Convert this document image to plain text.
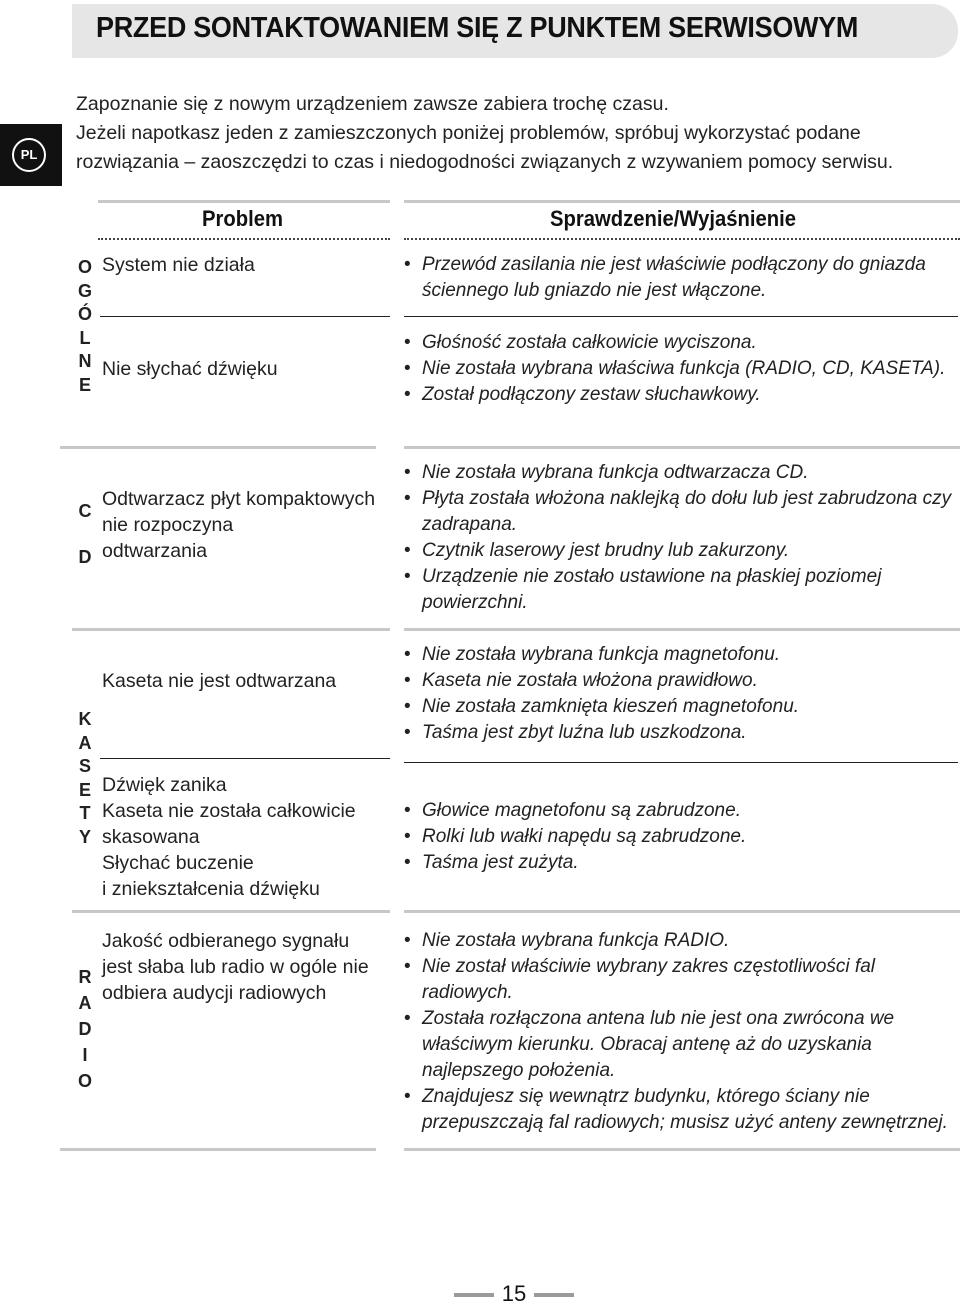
PRZED SONTAKTOWANIEM SIĘ Z PUNKTEM SERWISOWYM
PL

Zapoznanie się z nowym urządzeniem zawsze zabiera trochę czasu.

Jeżeli napotkasz jeden z zamieszczonych poniżej problemów, spróbuj wykorzystać podane

rozwiązania – zaoszczędzi to czas i niedogodności związanych z wzywaniem pomocy serwisu.

Problem	Sprawdzenie/Wyjaśnienie
O
G
Ó
L
N
E
System nie działa
•	Przewód zasilania nie jest właściwie podłączony do gniazda ściennego lub gniazdo nie jest włączone.
Nie słychać dźwięku
• Głośność została całkowicie wyciszona.
• Nie została wybrana właściwa funkcja (RADIO, CD, KASETA).
• Został podłączony zestaw słuchawkowy.
C
D
Odtwarzacz płyt kompaktowych
nie rozpoczyna
odtwarzania
• Nie została wybrana funkcja odtwarzacza CD.
• Płyta została włożona naklejką do dołu lub jest zabrudzona czy zadrapana.
• Czytnik laserowy jest brudny lub zakurzony.
• Urządzenie nie zostało ustawione na płaskiej poziomej powierzchni.
K
A
S
E
T
Y
Kaseta nie jest odtwarzana
• Nie została wybrana funkcja magnetofonu.
• Kaseta nie została włożona prawidłowo.
• Nie została zamknięta kieszeń magnetofonu.
• Taśma jest zbyt luźna lub uszkodzona.
Dźwięk zanika
Kaseta nie została całkowicie
skasowana
Słychać buczenie
i zniekształcenia dźwięku
• Głowice magnetofonu są zabrudzone.
• Rolki lub wałki napędu są zabrudzone.
• Taśma jest zużyta.
R
A
D
I
O
Jakość odbieranego sygnału
jest słaba lub radio w ogóle nie
odbiera audycji radiowych
• Nie została wybrana funkcja RADIO.
• Nie został właściwie wybrany zakres częstotliwości fal radiowych.
• Została rozłączona antena lub nie jest ona zwrócona we właściwym kierunku. Obracaj antenę aż do uzyskania najlepszego położenia.
• Znajdujesz się wewnątrz budynku, którego ściany nie przepuszczają fal radiowych; musisz użyć anteny zewnętrznej.
15
